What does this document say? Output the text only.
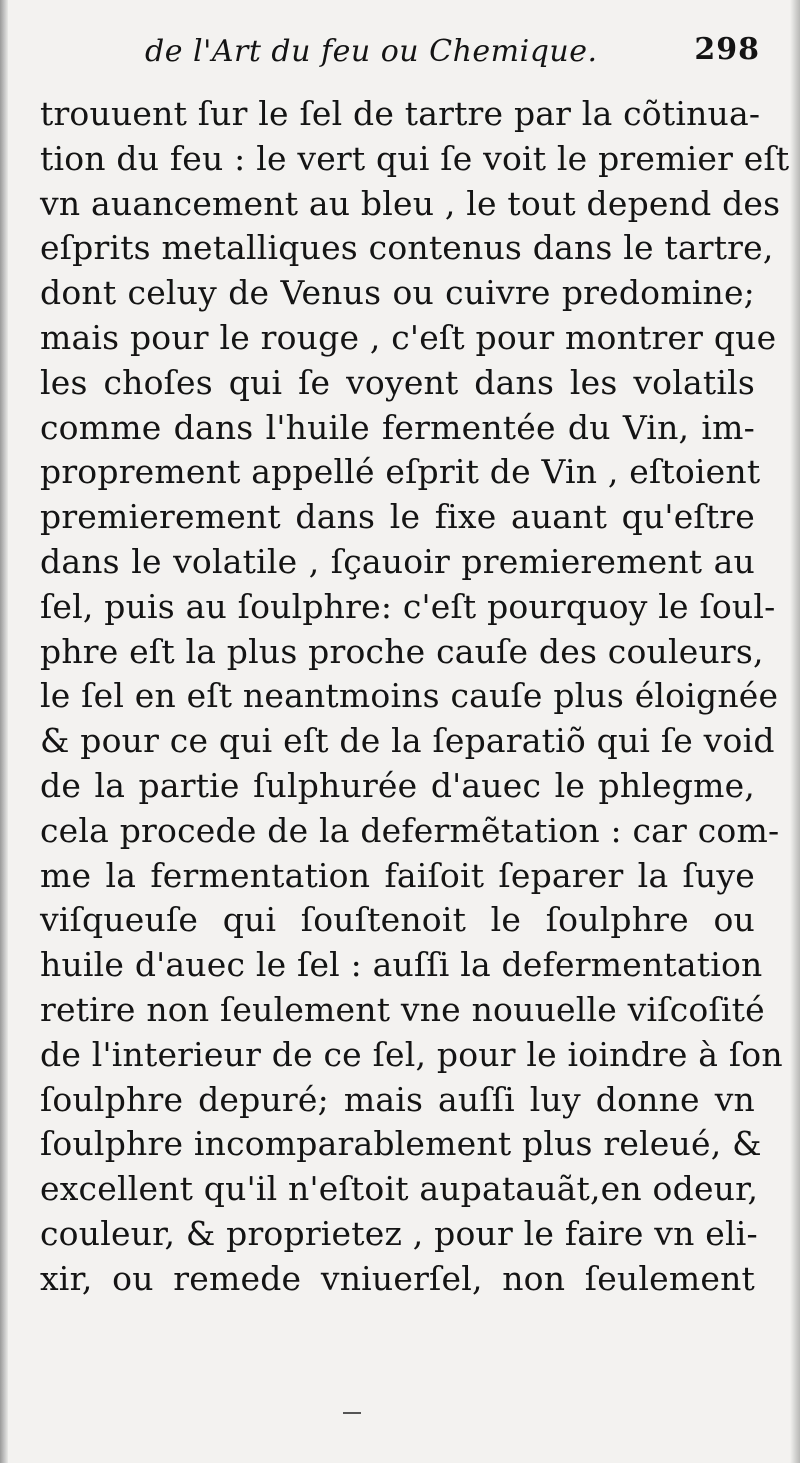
de l'Art du feu ou Chemique.	298
trouuent ſur le ſel de tartre par la cõtinua-
tion du feu : le vert qui ſe voit le premier eſt
vn auancement au bleu , le tout depend des
eſprits metalliques contenus dans le tartre,
dont celuy de Venus ou cuivre predomine;
mais pour le rouge , c'eſt pour montrer que
les choſes qui ſe voyent dans les volatils
comme dans l'huile fermentée du Vin, im-
proprement appellé eſprit de Vin , eſtoient
premierement dans le fixe auant qu'eſtre
dans le volatile , ſçauoir premierement au
ſel, puis au ſoulphre: c'eſt pourquoy le ſoul-
phre eſt la plus proche cauſe des couleurs,
le ſel en eſt neantmoins cauſe plus éloignée
& pour ce qui eſt de la ſeparatiõ qui ſe void
de la partie ſulphurée d'auec le phlegme,
cela procede de la defermẽtation : car com-
me la fermentation faiſoit ſeparer la ſuye
viſqueuſe qui ſouſtenoit le ſoulphre ou
huile d'auec le ſel : auſſi la defermentation
retire non ſeulement vne nouuelle viſcoſité
de l'interieur de ce ſel, pour le ioindre à ſon
ſoulphre depuré; mais auſſi luy donne vn
ſoulphre incomparablement plus releué, &
excellent qu'il n'eſtoit aupatauãt,en odeur,
couleur, & proprietez , pour le faire vn eli-
xir, ou remede vniuerſel, non ſeulement
